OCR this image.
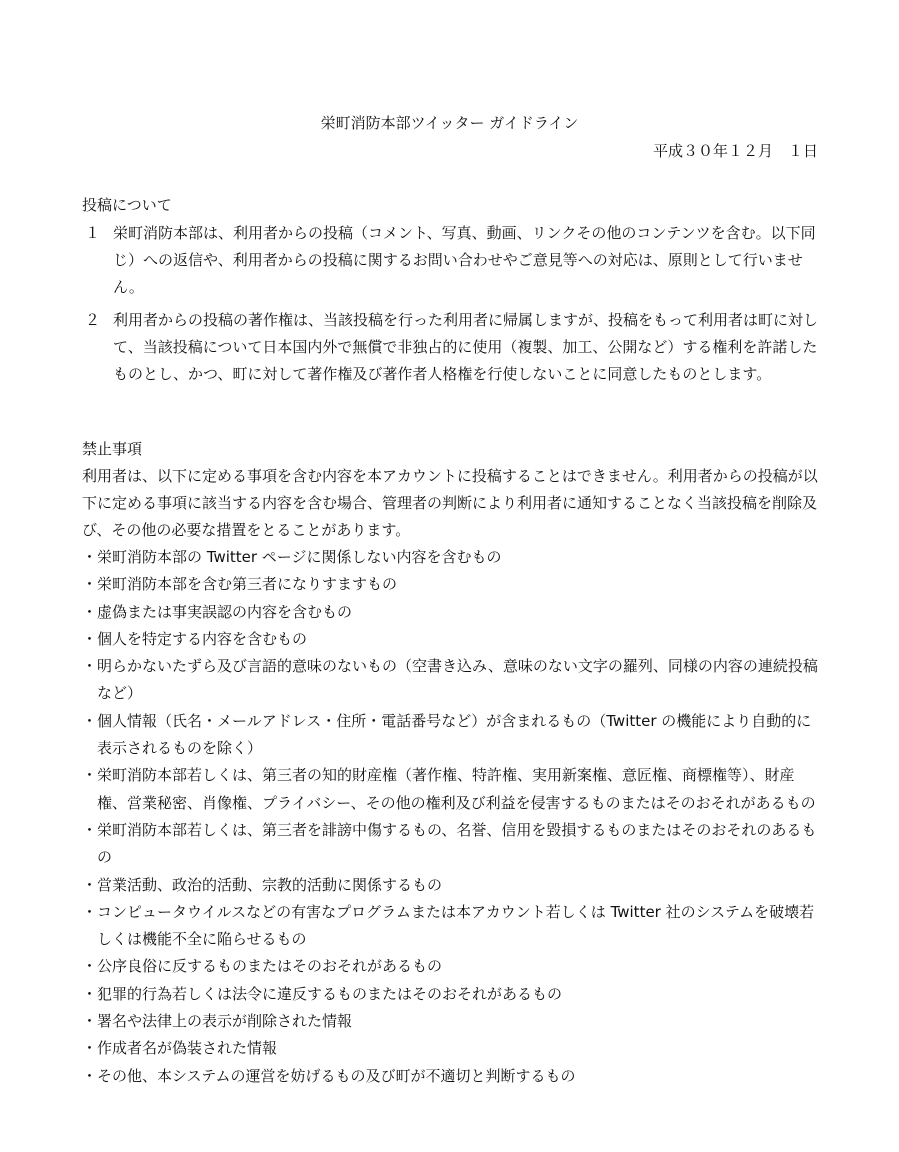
栄町消防本部ツイッター ガイドライン
平成３０年１２月　１日
投稿について
１ 栄町消防本部は、利用者からの投稿（コメント、写真、動画、リンクその他のコンテンツを含む。以下同じ）への返信や、利用者からの投稿に関するお問い合わせやご意見等への対応は、原則として行いません。
２ 利用者からの投稿の著作権は、当該投稿を行った利用者に帰属しますが、投稿をもって利用者は町に対して、当該投稿について日本国内外で無償で非独占的に使用（複製、加工、公開など）する権利を許諾したものとし、かつ、町に対して著作権及び著作者人格権を行使しないことに同意したものとします。
禁止事項
利用者は、以下に定める事項を含む内容を本アカウントに投稿することはできません。利用者からの投稿が以下に定める事項に該当する内容を含む場合、管理者の判断により利用者に通知することなく当該投稿を削除及び、その他の必要な措置をとることがあります。
・ 栄町消防本部の Twitter ページに関係しない内容を含むもの
・ 栄町消防本部を含む第三者になりすますもの
・ 虚偽または事実誤認の内容を含むもの
・ 個人を特定する内容を含むもの
・ 明らかないたずら及び言語的意味のないもの（空書き込み、意味のない文字の羅列、同様の内容の連続投稿など）
・ 個人情報（氏名・メールアドレス・住所・電話番号など）が含まれるもの（Twitter の機能により自動的に表示されるものを除く）
・ 栄町消防本部若しくは、第三者の知的財産権（著作権、特許権、実用新案権、意匠権、商標権等）、財産権、営業秘密、肖像権、プライバシー、その他の権利及び利益を侵害するものまたはそのおそれがあるもの
・ 栄町消防本部若しくは、第三者を誹謗中傷するもの、名誉、信用を毀損するものまたはそのおそれのあるもの
・ 営業活動、政治的活動、宗教的活動に関係するもの
・ コンピュータウイルスなどの有害なプログラムまたは本アカウント若しくは Twitter 社のシステムを破壊若しくは機能不全に陥らせるもの
・ 公序良俗に反するものまたはそのおそれがあるもの
・ 犯罪的行為若しくは法令に違反するものまたはそのおそれがあるもの
・ 署名や法律上の表示が削除された情報
・ 作成者名が偽装された情報
・ その他、本システムの運営を妨げるもの及び町が不適切と判断するもの
